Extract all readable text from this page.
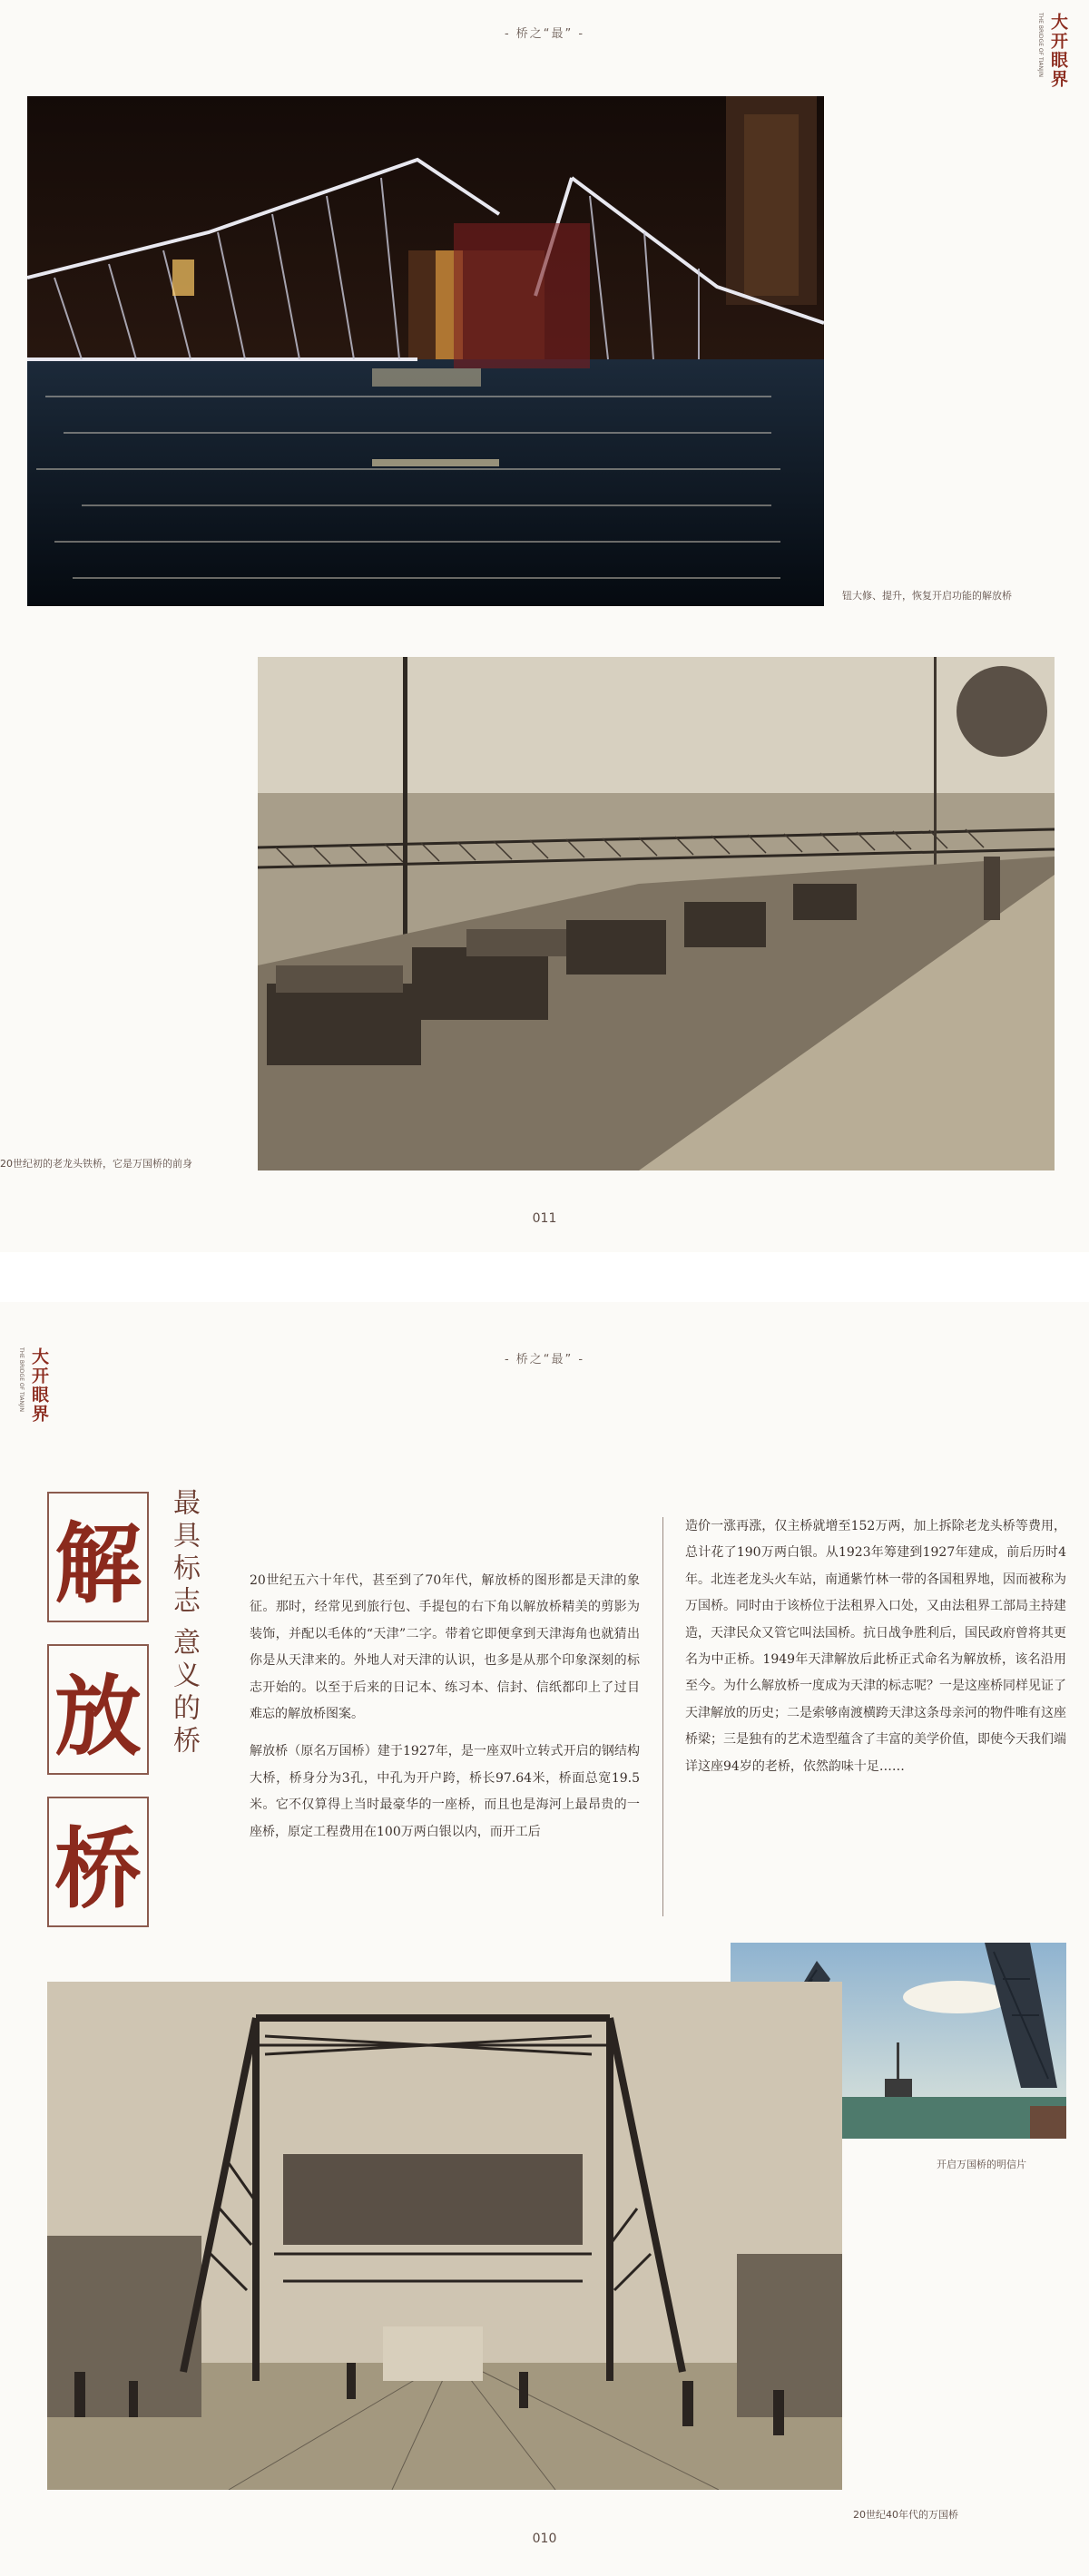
- 桥之“最” -	大开眼界
THE BRIDGE OF TIANJIN
钮大修、提升，恢复开启功能的解放桥
20世纪初的老龙头铁桥，它是万国桥的前身
011
大开眼界
THE BRIDGE OF TIANJIN	- 桥之“最” -
解
放
桥
最具标志
意义的桥

20世纪五六十年代，甚至到了70年代，解放桥的图形都是天津的象征。那时，经常见到旅行包、手提包的右下角以解放桥精美的剪影为装饰，并配以毛体的“天津”二字。带着它即便拿到天津海角也就猜出你是从天津来的。外地人对天津的认识，也多是从那个印象深刻的标志开始的。以至于后来的日记本、练习本、信封、信纸都印上了过目难忘的解放桥图案。

解放桥（原名万国桥）建于1927年，是一座双叶立转式开启的钢结构大桥，桥身分为3孔，中孔为开户跨，桥长97.64米，桥面总宽19.5米。它不仅算得上当时最豪华的一座桥，而且也是海河上最昂贵的一座桥，原定工程费用在100万两白银以内，而开工后

造价一涨再涨，仅主桥就增至152万两，加上拆除老龙头桥等费用，总计花了190万两白银。从1923年筹建到1927年建成，前后历时4年。北连老龙头火车站，南通紫竹林一带的各国租界地，因而被称为万国桥。同时由于该桥位于法租界入口处，又由法租界工部局主持建造，天津民众又管它叫法国桥。抗日战争胜利后，国民政府曾将其更名为中正桥。1949年天津解放后此桥正式命名为解放桥，该名沿用至今。为什么解放桥一度成为天津的标志呢？一是这座桥同样见证了天津解放的历史；二是索够南渡横跨天津这条母亲河的物件唯有这座桥梁；三是独有的艺术造型蕴含了丰富的美学价值，即使今天我们端详这座94岁的老桥，依然韵味十足……

开启万国桥的明信片
20世纪40年代的万国桥
010
